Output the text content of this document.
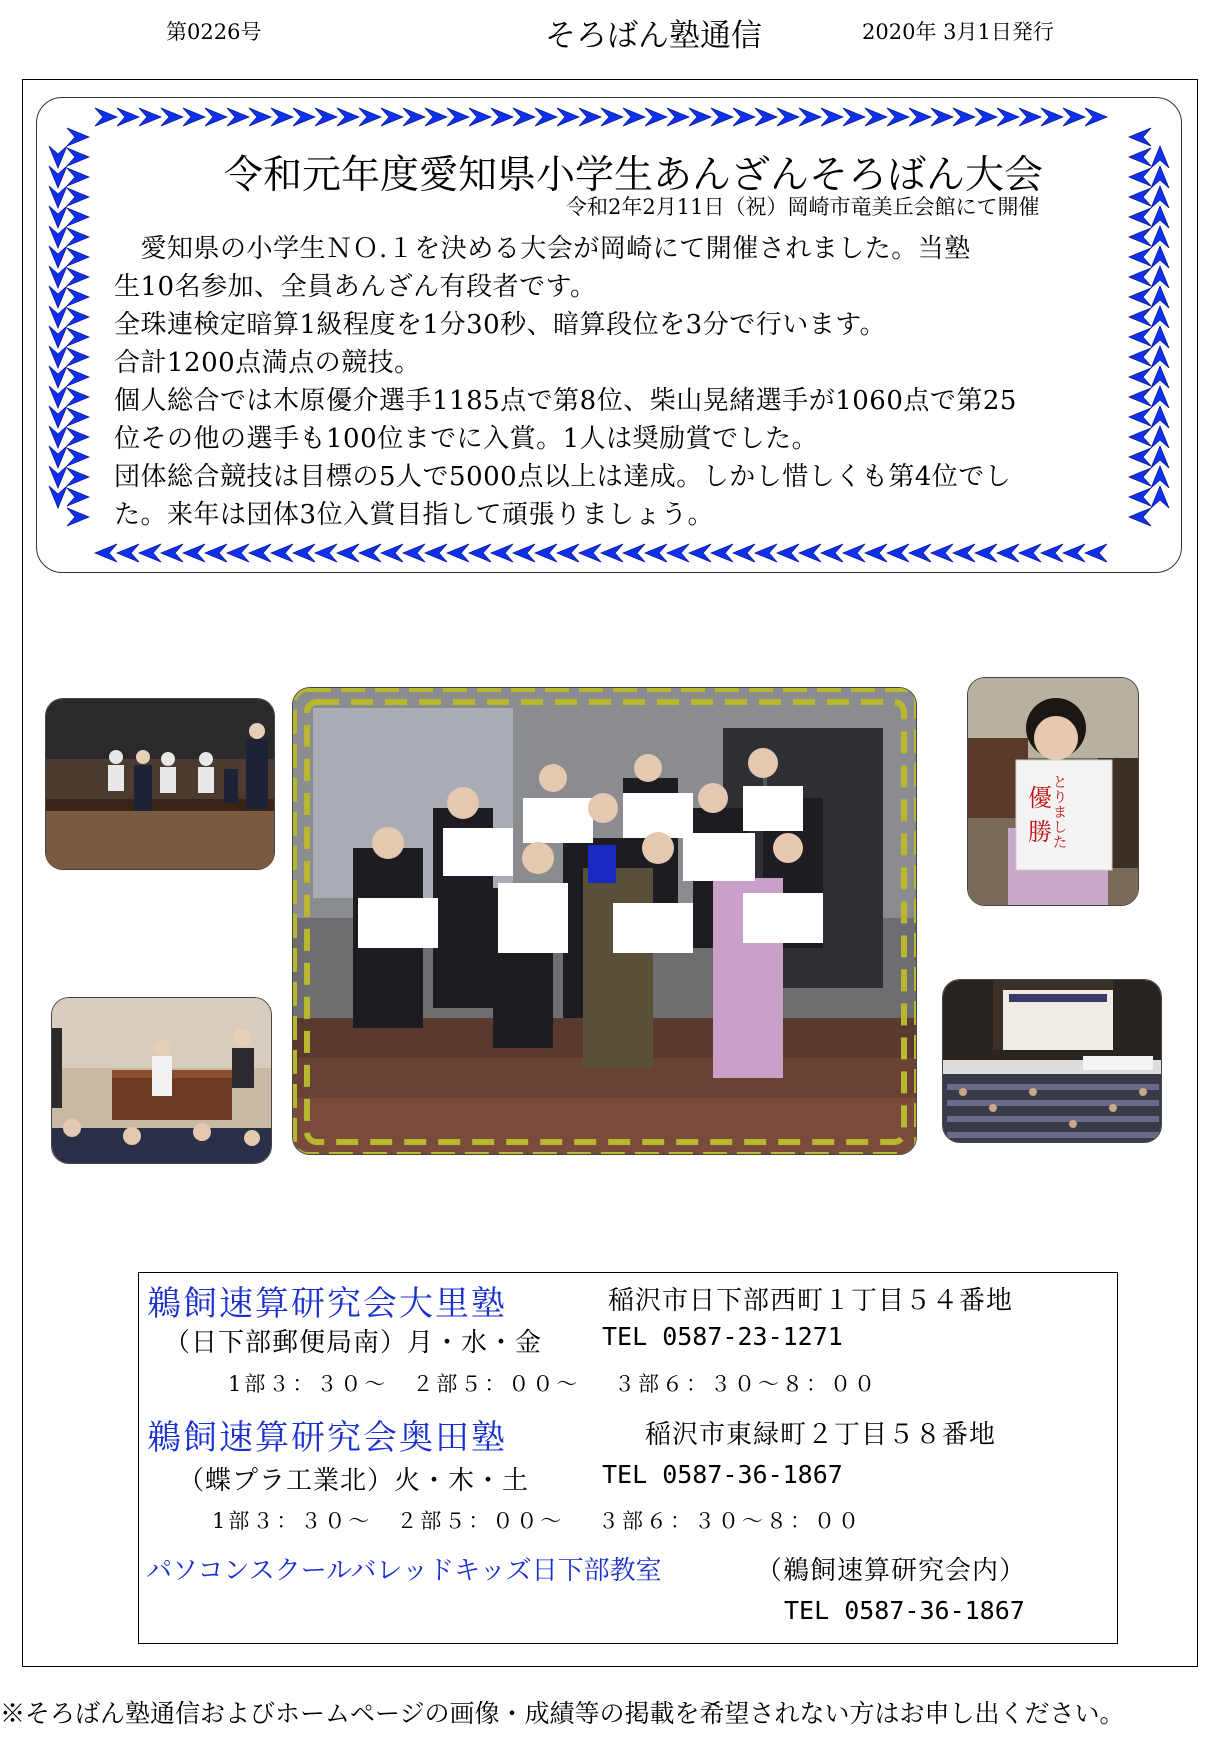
第0226号	そろばん塾通信	2020年 3月1日発行
令和元年度愛知県小学生あんざんそろばん大会
令和2年2月11日（祝）岡崎市竜美丘会館にて開催
　愛知県の小学生ＮＯ.１を決める大会が岡崎にて開催されました。当塾
生10名参加、全員あんざん有段者です。
全珠連検定暗算1級程度を1分30秒、暗算段位を3分で行います。
合計1200点満点の競技。
個人総合では木原優介選手1185点で第8位、柴山晃緒選手が1060点で第25
位その他の選手も100位までに入賞。1人は奨励賞でした。
団体総合競技は目標の5人で5000点以上は達成。しかし惜しくも第4位でし
た。来年は団体3位入賞目指して頑張りましょう。
とりました
優
勝
鵜飼速算研究会大里塾	稲沢市日下部西町１丁目５４番地
（日下部郵便局南）月・水・金 TEL 0587-23-1271
1部３：３０～　２部５：００～　 ３部６：３０～８：００
鵜飼速算研究会奥田塾	稲沢市東緑町２丁目５８番地
（蝶プラ工業北）火・木・土	TEL 0587-36-1867
1部３：３０～　２部５：００～　 ３部６：３０～８：００
パソコンスクールバレッドキッズ日下部教室	（鵜飼速算研究会内）
TEL 0587-36-1867
※そろばん塾通信およびホームページの画像・成績等の掲載を希望されない方はお申し出ください。
